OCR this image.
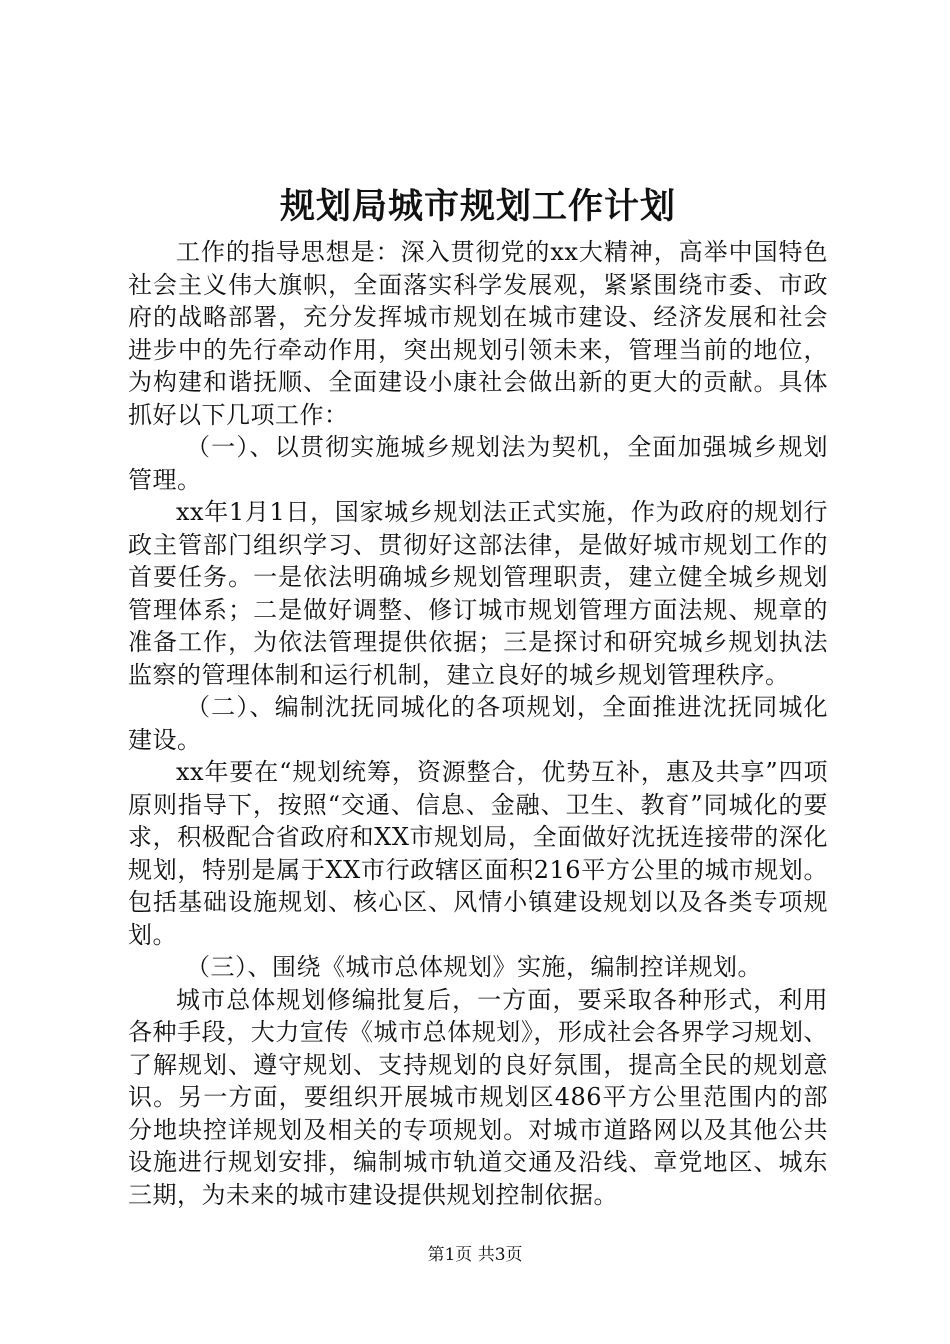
规划局城市规划工作计划

工作的指导思想是：深入贯彻党的xx大精神，高举中国特色社会主义伟大旗帜，全面落实科学发展观，紧紧围绕市委、市政府的战略部署，充分发挥城市规划在城市建设、经济发展和社会进步中的先行牵动作用，突出规划引领未来，管理当前的地位，为构建和谐抚顺、全面建设小康社会做出新的更大的贡献。具体抓好以下几项工作：

（一）、以贯彻实施城乡规划法为契机，全面加强城乡规划管理。

xx年1月1日，国家城乡规划法正式实施，作为政府的规划行政主管部门组织学习、贯彻好这部法律，是做好城市规划工作的首要任务。一是依法明确城乡规划管理职责，建立健全城乡规划管理体系；二是做好调整、修订城市规划管理方面法规、规章的准备工作，为依法管理提供依据；三是探讨和研究城乡规划执法监察的管理体制和运行机制，建立良好的城乡规划管理秩序。

（二）、编制沈抚同城化的各项规划，全面推进沈抚同城化建设。

xx年要在“规划统筹，资源整合，优势互补，惠及共享”四项原则指导下，按照“交通、信息、金融、卫生、教育”同城化的要求，积极配合省政府和XX市规划局，全面做好沈抚连接带的深化规划，特别是属于XX市行政辖区面积216平方公里的城市规划。包括基础设施规划、核心区、风情小镇建设规划以及各类专项规划。

（三）、围绕《城市总体规划》实施，编制控详规划。

城市总体规划修编批复后，一方面，要采取各种形式，利用各种手段，大力宣传《城市总体规划》，形成社会各界学习规划、了解规划、遵守规划、支持规划的良好氛围，提高全民的规划意识。另一方面，要组织开展城市规划区486平方公里范围内的部分地块控详规划及相关的专项规划。对城市道路网以及其他公共设施进行规划安排，编制城市轨道交通及沿线、章党地区、城东三期，为未来的城市建设提供规划控制依据。

第1页 共3页
